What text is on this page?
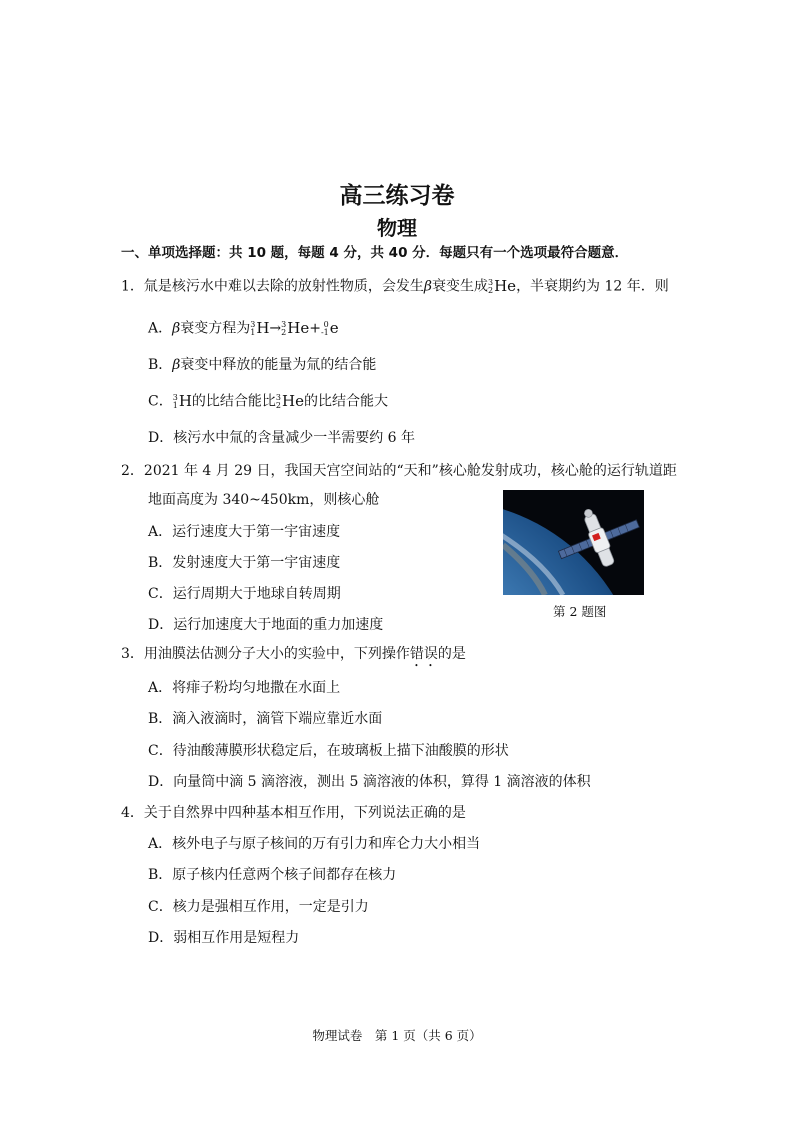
高三练习卷
物理
一、单项选择题：共 10 题，每题 4 分，共 40 分．每题只有一个选项最符合题意．
1．氚是核污水中难以去除的放射性物质，会发生β衰变生成 3
2 He，半衰期约为 12 年．则
A．β衰变方程为 3
1 H→ 3
2 He+ 0
-1 e
B．β衰变中释放的能量为氚的结合能
C． 3
1 H的比结合能比 3
2 He的比结合能大
D．核污水中氚的含量减少一半需要约 6 年
2．2021 年 4 月 29 日，我国天宫空间站的“天和”核心舱发射成功，核心舱的运行轨道距
地面高度为 340~450km，则核心舱
A．运行速度大于第一宇宙速度
B．发射速度大于第一宇宙速度
C．运行周期大于地球自转周期
D．运行加速度大于地面的重力加速度
第 2 题图
3．用油膜法估测分子大小的实验中，下列操作错误的是
A．将痱子粉均匀地撒在水面上
B．滴入液滴时，滴管下端应靠近水面
C．待油酸薄膜形状稳定后，在玻璃板上描下油酸膜的形状
D．向量筒中滴 5 滴溶液，测出 5 滴溶液的体积，算得 1 滴溶液的体积
4．关于自然界中四种基本相互作用，下列说法正确的是
A．核外电子与原子核间的万有引力和库仑力大小相当
B．原子核内任意两个核子间都存在核力
C．核力是强相互作用，一定是引力
D．弱相互作用是短程力
物理试卷　第 1 页（共 6 页）
